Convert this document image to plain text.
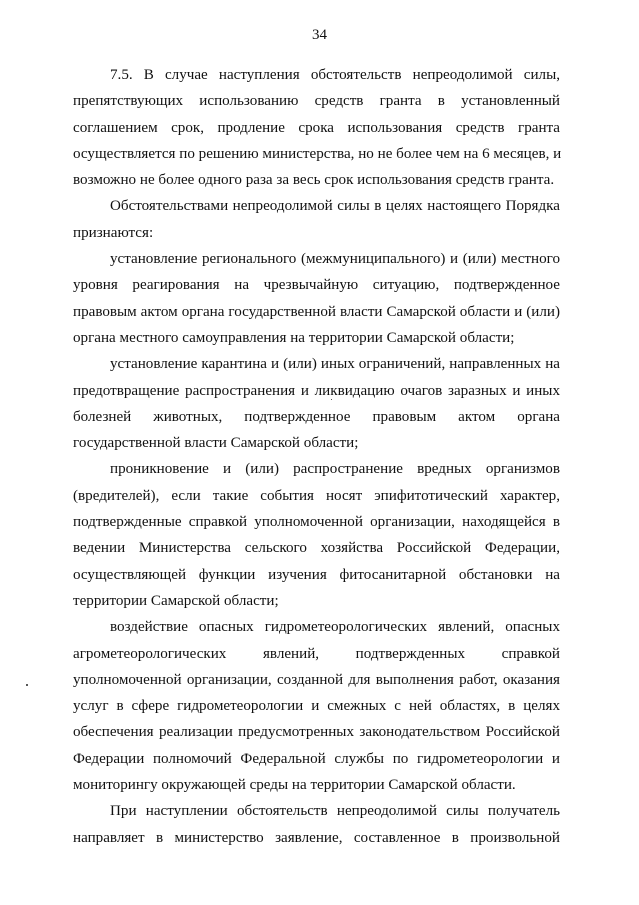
34
7.5. В случае наступления обстоятельств непреодолимой силы,
препятствующих использованию средств гранта в установленный
соглашением срок, продление срока использования средств гранта
осуществляется по решению министерства, но не более чем на 6 месяцев, и
возможно не более одного раза за весь срок использования средств гранта.
Обстоятельствами непреодолимой силы в целях настоящего Порядка
признаются:
установление регионального (межмуниципального) и (или) местного
уровня реагирования на чрезвычайную ситуацию, подтвержденное
правовым актом органа государственной власти Самарской области и (или)
органа местного самоуправления на территории Самарской области;
установление карантина и (или) иных ограничений, направленных на
предотвращение распространения и ликвидацию очагов заразных и иных
болезней животных, подтвержденное правовым актом органа
государственной власти Самарской области;
проникновение и (или) распространение вредных организмов
(вредителей), если такие события носят эпифитотический характер,
подтвержденные справкой уполномоченной организации, находящейся в
ведении Министерства сельского хозяйства Российской Федерации,
осуществляющей функции изучения фитосанитарной обстановки на
территории Самарской области;
воздействие опасных гидрометеорологических явлений, опасных
агрометеорологических явлений, подтвержденных справкой
уполномоченной организации, созданной для выполнения работ, оказания
услуг в сфере гидрометеорологии и смежных с ней областях, в целях
обеспечения реализации предусмотренных законодательством Российской
Федерации полномочий Федеральной службы по гидрометеорологии и
мониторингу окружающей среды на территории Самарской области.
При наступлении обстоятельств непреодолимой силы получатель
направляет в министерство заявление, составленное в произвольной
